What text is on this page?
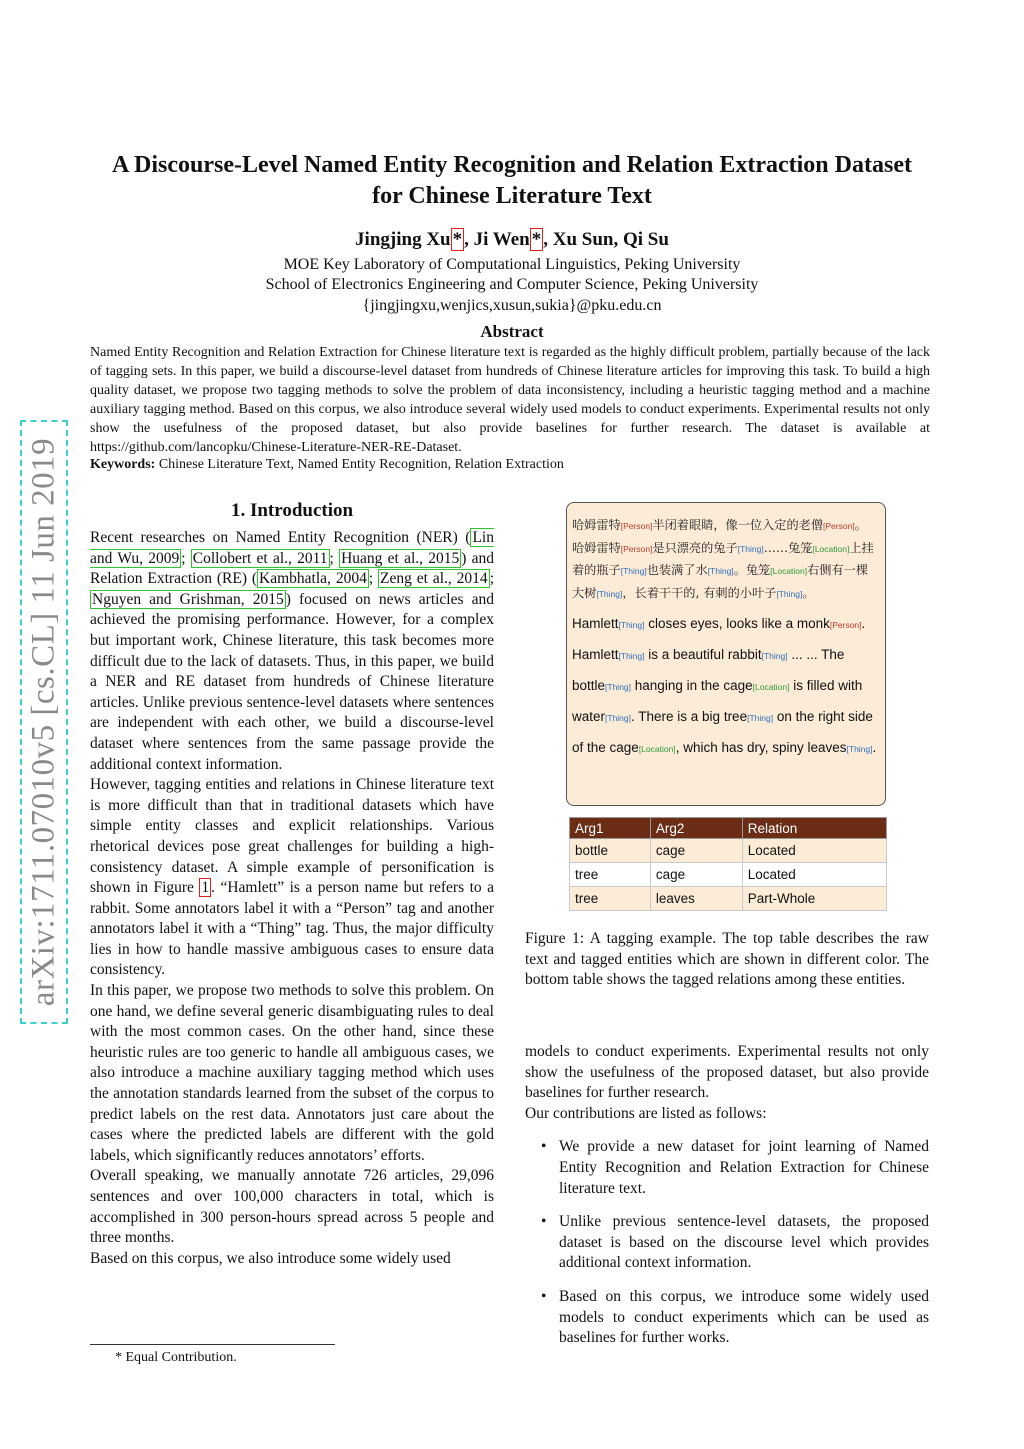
A Discourse-Level Named Entity Recognition and Relation Extraction Dataset
for Chinese Literature Text
Jingjing Xu * , Ji Wen * , Xu Sun, Qi Su
MOE Key Laboratory of Computational Linguistics, Peking University
School of Electronics Engineering and Computer Science, Peking University
{jingjingxu,wenjics,xusun,sukia}@pku.edu.cn
Abstract
Named Entity Recognition and Relation Extraction for Chinese literature text is regarded as the highly difficult problem, partially because of the lack of tagging sets. In this paper, we build a discourse-level dataset from hundreds of Chinese literature articles for improving this task. To build a high quality dataset, we propose two tagging methods to solve the problem of data inconsistency, including a heuristic tagging method and a machine auxiliary tagging method. Based on this corpus, we also introduce several widely used models to conduct experiments. Experimental results not only show the usefulness of the proposed dataset, but also provide baselines for further research. The dataset is available at https://github.com/lancopku/Chinese-Literature-NER-RE-Dataset.
Keywords: Chinese Literature Text, Named Entity Recognition, Relation Extraction
arXiv:1711.07010v5 [cs.CL] 11 Jun 2019	1. Introduction

Recent researches on Named Entity Recognition (NER) ( Lin and Wu, 2009 ; Collobert et al., 2011 ; Huang et al., 2015 ) and Relation Extraction (RE) ( Kambhatla, 2004 ; Zeng et al., 2014 ; Nguyen and Grishman, 2015 ) focused on news articles and achieved the promising performance. However, for a complex but important work, Chinese literature, this task becomes more difficult due to the lack of datasets. Thus, in this paper, we build a NER and RE dataset from hundreds of Chinese literature articles. Unlike previous sentence-level datasets where sentences are independent with each other, we build a discourse-level dataset where sentences from the same passage provide the additional context information.

However, tagging entities and relations in Chinese literature text is more difficult than that in traditional datasets which have simple entity classes and explicit relationships. Various rhetorical devices pose great challenges for building a high-consistency dataset. A simple example of personification is shown in Figure 1 . “Hamlett” is a person name but refers to a rabbit. Some annotators label it with a “Person” tag and another annotators label it with a “Thing” tag. Thus, the major difficulty lies in how to handle massive ambiguous cases to ensure data consistency.

In this paper, we propose two methods to solve this problem. On one hand, we define several generic disambiguating rules to deal with the most common cases. On the other hand, since these heuristic rules are too generic to handle all ambiguous cases, we also introduce a machine auxiliary tagging method which uses the annotation standards learned from the subset of the corpus to predict labels on the rest data. Annotators just care about the cases where the predicted labels are different with the gold labels, which significantly reduces annotators’ efforts.

Overall speaking, we manually annotate 726 articles, 29,096 sentences and over 100,000 characters in total, which is accomplished in 300 person-hours spread across 5 people and three months.

Based on this corpus, we also introduce some widely used

* Equal Contribution.
哈姆雷特[Person]半闭着眼睛，像一位入定的老僧[Person]。哈姆雷特[Person]是只漂亮的兔子[Thing]……兔笼[Location]上挂着的瓶子[Thing]也装满了水[Thing]。兔笼[Location]右侧有一棵大树[Thing]，长着干干的, 有刺的小叶子[Thing]。
Hamlett[Thing] closes eyes, looks like a monk[Person]. Hamlett[Thing] is a beautiful rabbit[Thing] ... ... The bottle[Thing] hanging in the cage[Location] is filled with water[Thing]. There is a big tree[Thing] on the right side of the cage[Location], which has dry, spiny leaves[Thing].
Arg1	Arg2	Relation
bottle	cage	Located
tree	cage	Located
tree	leaves	Part-Whole
Figure 1: A tagging example. The top table describes the raw text and tagged entities which are shown in different color. The bottom table shows the tagged relations among these entities.

models to conduct experiments. Experimental results not only show the usefulness of the proposed dataset, but also provide baselines for further research.

Our contributions are listed as follows:

• We provide a new dataset for joint learning of Named Entity Recognition and Relation Extraction for Chinese literature text.
• Unlike previous sentence-level datasets, the proposed dataset is based on the discourse level which provides additional context information.
• Based on this corpus, we introduce some widely used models to conduct experiments which can be used as baselines for further works.
